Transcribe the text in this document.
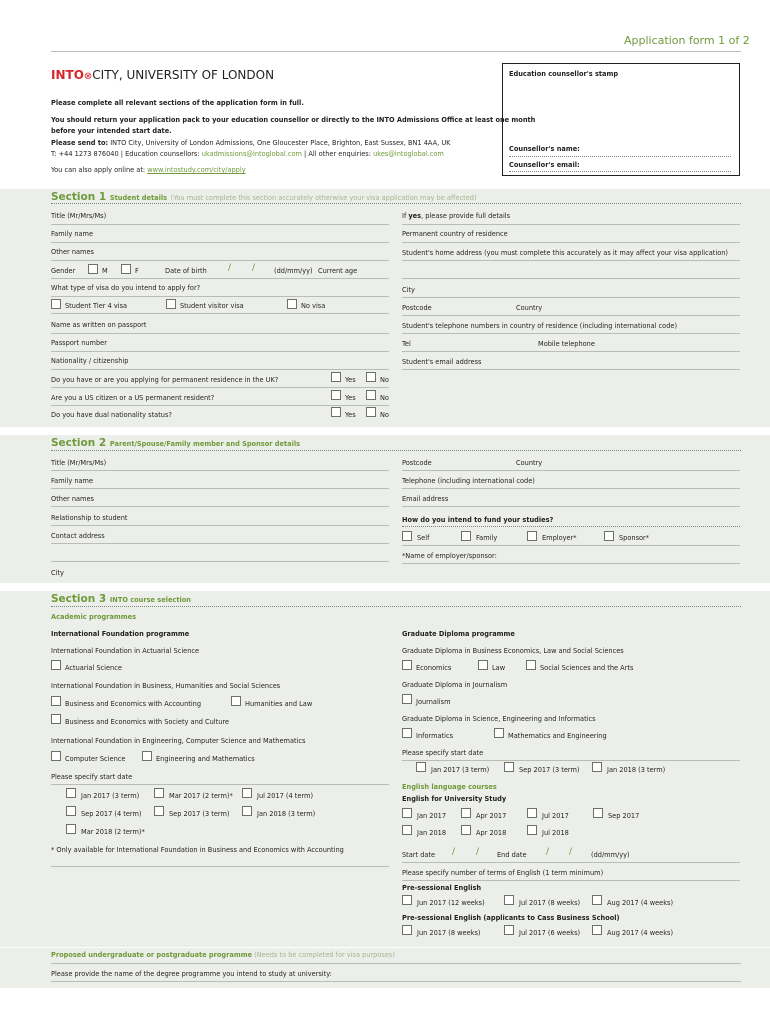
Application form 1 of 2
INTO⊗CITY, UNIVERSITY OF LONDON	Education counsellor's stamp
Counsellor's name:
Counsellor's email:
Please complete all relevant sections of the application form in full.
You should return your application pack to your education counsellor or directly to the INTO Admissions Office at least one month
before your intended start date.
Please send to: INTO City, University of London Admissions, One Gloucester Place, Brighton, East Sussex, BN1 4AA, UK
T: +44 1273 876040 | Education counsellors: ukadmissions@intoglobal.com | All other enquiries: ukes@intoglobal.com
You can also apply online at: www.intostudy.com/city/apply
Section 1 Student details (You must complete this section accurately otherwise your visa application may be affected)
Title (Mr/Mrs/Ms)
Family name
Other names
Gender	M	F	Date of birth / /	(dd/mm/yy) Current age
What type of visa do you intend to apply for?
Student Tier 4 visa	Student visitor visa	No visa
Name as written on passport
Passport number
Nationality / citizenship
Do you have or are you applying for permanent residence in the UK?	Yes	No
Are you a US citizen or a US permanent resident?	Yes	No
Do you have dual nationality status?	Yes	No
If yes, please provide full details
Permanent country of residence
Student's home address (you must complete this accurately as it may affect your visa application)
City
Postcode	Country
Student's telephone numbers in country of residence (including international code)
Tel	Mobile telephone
Student's email address
Section 2 Parent/Spouse/Family member and Sponsor details
Title (Mr/Mrs/Ms)
Family name
Other names
Relationship to student
Contact address
City
Postcode	Country
Telephone (including international code)
Email address
How do you intend to fund your studies?
Self	Family	Employer*	Sponsor*
*Name of employer/sponsor:
Section 3 INTO course selection
Academic programmes
International Foundation programme
International Foundation in Actuarial Science
Actuarial Science
International Foundation in Business, Humanities and Social Sciences
Business and Economics with Accounting	Humanities and Law
Business and Economics with Society and Culture
International Foundation in Engineering, Computer Science and Mathematics
Computer Science	Engineering and Mathematics
Please specify start date
Jan 2017 (3 term)	Mar 2017 (2 term)*	Jul 2017 (4 term)
Sep 2017 (4 term)	Sep 2017 (3 term)	Jan 2018 (3 term)
Mar 2018 (2 term)*
* Only available for International Foundation in Business and Economics with Accounting
Graduate Diploma programme
Graduate Diploma in Business Economics, Law and Social Sciences
Economics	Law	Social Sciences and the Arts
Graduate Diploma in Journalism
Journalism
Graduate Diploma in Science, Engineering and Informatics
Informatics	Mathematics and Engineering
Please specify start date
Jan 2017 (3 term)	Sep 2017 (3 term)	Jan 2018 (3 term)
English language courses
English for University Study
Jan 2017	Apr 2017	Jul 2017	Sep 2017
Jan 2018	Apr 2018	Jul 2018
Start date / /	End date / /	(dd/mm/yy)
Please specify number of terms of English (1 term minimum)
Pre-sessional English
Jun 2017 (12 weeks)	Jul 2017 (8 weeks)	Aug 2017 (4 weeks)
Pre-sessional English (applicants to Cass Business School)
Jun 2017 (8 weeks)	Jul 2017 (6 weeks)	Aug 2017 (4 weeks)
Proposed undergraduate or postgraduate programme (Needs to be completed for visa purposes)
Please provide the name of the degree programme you intend to study at university:
